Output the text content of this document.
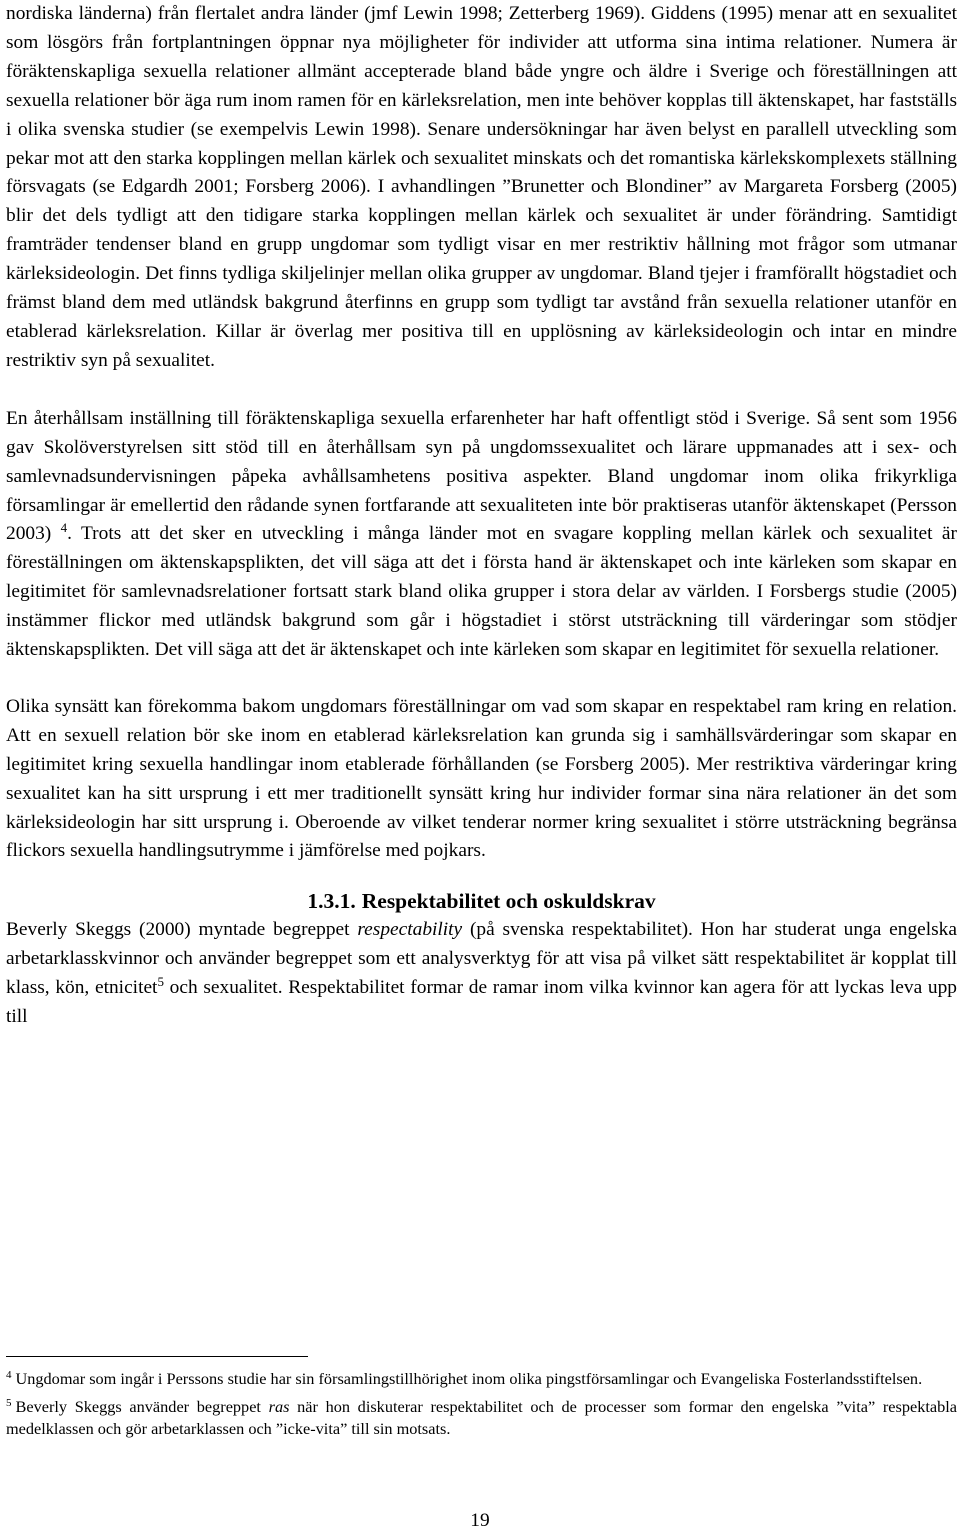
nordiska länderna) från flertalet andra länder (jmf Lewin 1998; Zetterberg 1969). Giddens (1995) menar att en sexualitet som lösgörs från fortplantningen öppnar nya möjligheter för individer att utforma sina intima relationer. Numera är föräktenskapliga sexuella relationer allmänt accepterade bland både yngre och äldre i Sverige och föreställningen att sexuella relationer bör äga rum inom ramen för en kärleksrelation, men inte behöver kopplas till äktenskapet, har fastställs i olika svenska studier (se exempelvis Lewin 1998). Senare undersökningar har även belyst en parallell utveckling som pekar mot att den starka kopplingen mellan kärlek och sexualitet minskats och det romantiska kärlekskomplexets ställning försvagats (se Edgardh 2001; Forsberg 2006). I avhandlingen ”Brunetter och Blondiner” av Margareta Forsberg (2005) blir det dels tydligt att den tidigare starka kopplingen mellan kärlek och sexualitet är under förändring. Samtidigt framträder tendenser bland en grupp ungdomar som tydligt visar en mer restriktiv hållning mot frågor som utmanar kärleksideologin. Det finns tydliga skiljelinjer mellan olika grupper av ungdomar. Bland tjejer i framförallt högstadiet och främst bland dem med utländsk bakgrund återfinns en grupp som tydligt tar avstånd från sexuella relationer utanför en etablerad kärleksrelation. Killar är överlag mer positiva till en upplösning av kärleksideologin och intar en mindre restriktiv syn på sexualitet.

En återhållsam inställning till föräktenskapliga sexuella erfarenheter har haft offentligt stöd i Sverige. Så sent som 1956 gav Skolöverstyrelsen sitt stöd till en återhållsam syn på ungdomssexualitet och lärare uppmanades att i sex- och samlevnadsundervisningen påpeka avhållsamhetens positiva aspekter. Bland ungdomar inom olika frikyrkliga församlingar är emellertid den rådande synen fortfarande att sexualiteten inte bör praktiseras utanför äktenskapet (Persson 2003) $^4$. Trots att det sker en utveckling i många länder mot en svagare koppling mellan kärlek och sexualitet är föreställningen om äktenskapsplikten, det vill säga att det i första hand är äktenskapet och inte kärleken som skapar en legitimitet för samlevnadsrelationer fortsatt stark bland olika grupper i stora delar av världen. I Forsbergs studie (2005) instämmer flickor med utländsk bakgrund som går i högstadiet i störst utsträckning till värderingar som stödjer äktenskapsplikten. Det vill säga att det är äktenskapet och inte kärleken som skapar en legitimitet för sexuella relationer.

Olika synsätt kan förekomma bakom ungdomars föreställningar om vad som skapar en respektabel ram kring en relation. Att en sexuell relation bör ske inom en etablerad kärleksrelation kan grunda sig i samhällsvärderingar som skapar en legitimitet kring sexuella handlingar inom etablerade förhållanden (se Forsberg 2005). Mer restriktiva värderingar kring sexualitet kan ha sitt ursprung i ett mer traditionellt synsätt kring hur individer formar sina nära relationer än det som kärleksideologin har sitt ursprung i. Oberoende av vilket tenderar normer kring sexualitet i större utsträckning begränsa flickors sexuella handlingsutrymme i jämförelse med pojkars.

1.3.1. Respektabilitet och oskuldskrav

Beverly Skeggs (2000) myntade begreppet respectability (på svenska respektabilitet). Hon har studerat unga engelska arbetarklasskvinnor och använder begreppet som ett analysverktyg för att visa på vilket sätt respektabilitet är kopplat till klass, kön, etnicitet$^5$ och sexualitet. Respektabilitet formar de ramar inom vilka kvinnor kan agera för att lyckas leva upp till

$^4$ Ungdomar som ingår i Perssons studie har sin församlingstillhörighet inom olika pingstförsamlingar och Evangeliska Fosterlandsstiftelsen.

$^5$ Beverly Skeggs använder begreppet ras när hon diskuterar respektabilitet och de processer som formar den engelska ”vita” respektabla medelklassen och gör arbetarklassen och ”icke-vita” till sin motsats.

19
